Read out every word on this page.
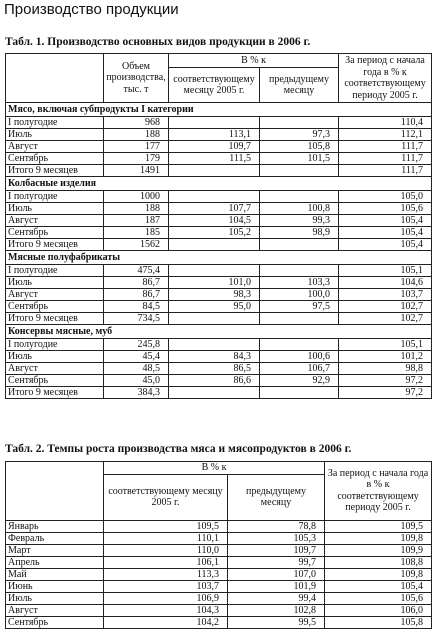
Производство продукции
Табл. 1. Производство основных видов продукции в 2006 г.
	Объем производства, тыс. т	В % к		За период с начала года в % к соответствующему периоду 2005 г.
		соответствующему месяцу 2005 г.	предыдущему месяцу	
Мясо, включая субпродукты I категории				
I полугодие	968			110,4
Июль	188	113,1	97,3	112,1
Август	177	109,7	105,8	111,7
Сентябрь	179	111,5	101,5	111,7
Итого 9 месяцев	1491			111,7
Колбасные изделия				
I полугодие	1000			105,0
Июль	188	107,7	100,8	105,6
Август	187	104,5	99,3	105,4
Сентябрь	185	105,2	98,9	105,4
Итого 9 месяцев	1562			105,4
Мясные полуфабрикаты				
I полугодие	475,4			105,1
Июль	86,7	101,0	103,3	104,6
Август	86,7	98,3	100,0	103,7
Сентябрь	84,5	95,0	97,5	102,7
Итого 9 месяцев	734,5			102,7
Консервы мясные, муб				
I полугодие	245,8			105,1
Июль	45,4	84,3	100,6	101,2
Август	48,5	86,5	106,7	98,8
Сентябрь	45,0	86,6	92,9	97,2
Итого 9 месяцев	384,3			97,2
Табл. 2. Темпы роста производства мяса и мясопродуктов в 2006 г.
	В % к		За период с начала года в % к соответствующему периоду 2005 г.
	соответствующему месяцу 2005 г.	предыдущему месяцу	
Январь	109,5	78,8	109,5
Февраль	110,1	105,3	109,8
Март	110,0	109,7	109,9
Апрель	106,1	99,7	108,8
Май	113,3	107,0	109,8
Июнь	103,7	101,9	105,4
Июль	106,9	99,4	105,6
Август	104,3	102,8	106,0
Сентябрь	104,2	99,5	105,8
